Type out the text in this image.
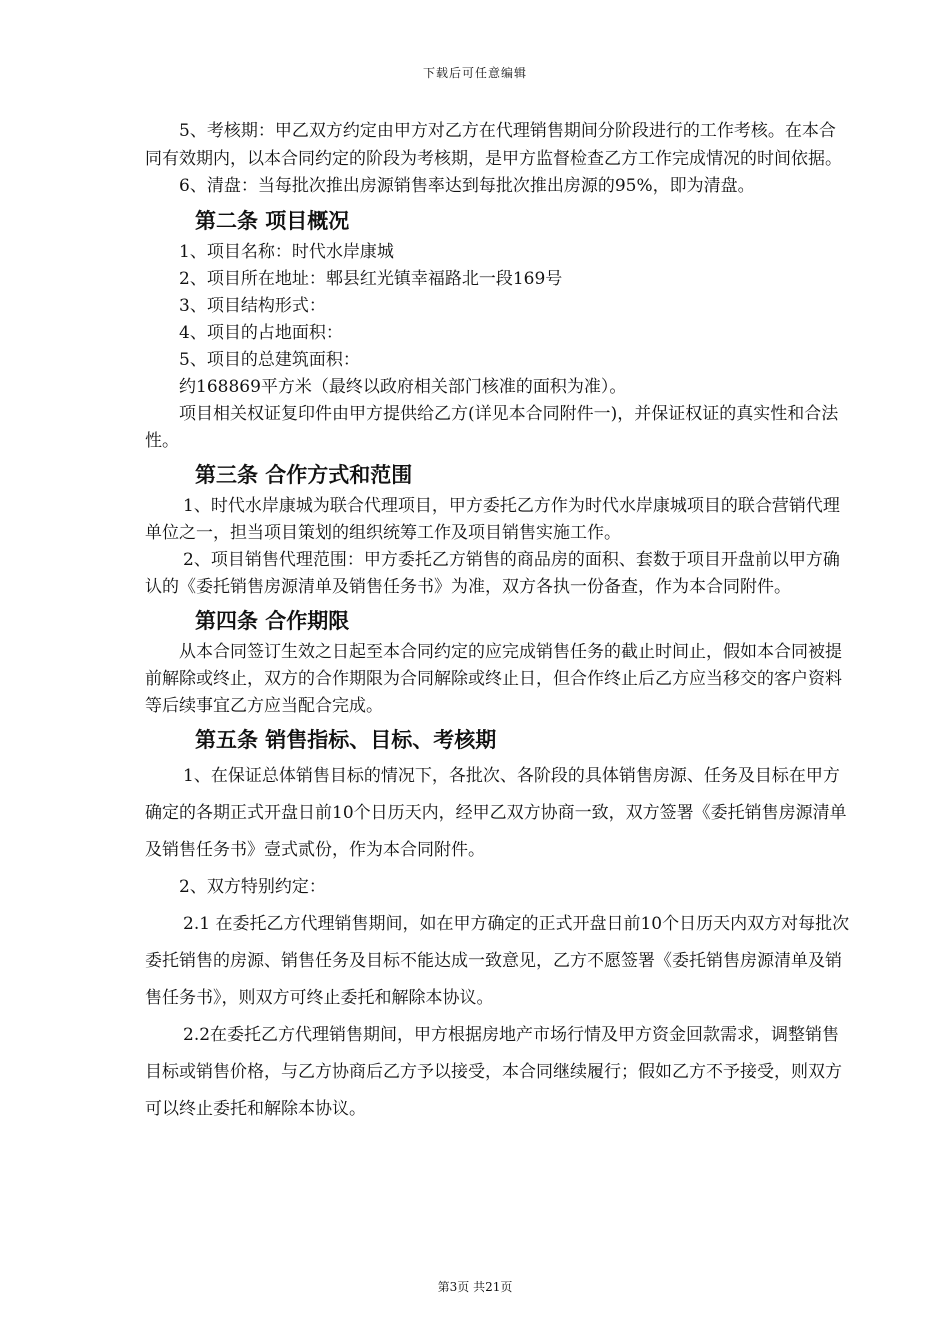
下载后可任意编辑

5、考核期：甲乙双方约定由甲方对乙方在代理销售期间分阶段进行的工作考核。在本合同有效期内，以本合同约定的阶段为考核期，是甲方监督检查乙方工作完成情况的时间依据。

6、清盘：当每批次推出房源销售率达到每批次推出房源的95%，即为清盘。

第二条 项目概况

1、项目名称：时代水岸康城

2、项目所在地址：郫县红光镇幸福路北一段169号

3、项目结构形式：

4、项目的占地面积：

5、项目的总建筑面积：

约168869平方米（最终以政府相关部门核准的面积为准）。

项目相关权证复印件由甲方提供给乙方(详见本合同附件一)，并保证权证的真实性和合法性。

第三条 合作方式和范围

1、时代水岸康城为联合代理项目，甲方委托乙方作为时代水岸康城项目的联合营销代理单位之一，担当项目策划的组织统筹工作及项目销售实施工作。

2、项目销售代理范围：甲方委托乙方销售的商品房的面积、套数于项目开盘前以甲方确认的《委托销售房源清单及销售任务书》为准，双方各执一份备查，作为本合同附件。

第四条 合作期限

从本合同签订生效之日起至本合同约定的应完成销售任务的截止时间止，假如本合同被提前解除或终止，双方的合作期限为合同解除或终止日，但合作终止后乙方应当移交的客户资料等后续事宜乙方应当配合完成。

第五条 销售指标、目标、考核期

1、在保证总体销售目标的情况下，各批次、各阶段的具体销售房源、任务及目标在甲方确定的各期正式开盘日前10个日历天内，经甲乙双方协商一致，双方签署《委托销售房源清单及销售任务书》壹式贰份，作为本合同附件。

2、双方特别约定：

2.1 在委托乙方代理销售期间，如在甲方确定的正式开盘日前10个日历天内双方对每批次委托销售的房源、销售任务及目标不能达成一致意见，乙方不愿签署《委托销售房源清单及销售任务书》，则双方可终止委托和解除本协议。

2.2在委托乙方代理销售期间，甲方根据房地产市场行情及甲方资金回款需求，调整销售目标或销售价格，与乙方协商后乙方予以接受，本合同继续履行；假如乙方不予接受，则双方可以终止委托和解除本协议。

第3页 共21页
